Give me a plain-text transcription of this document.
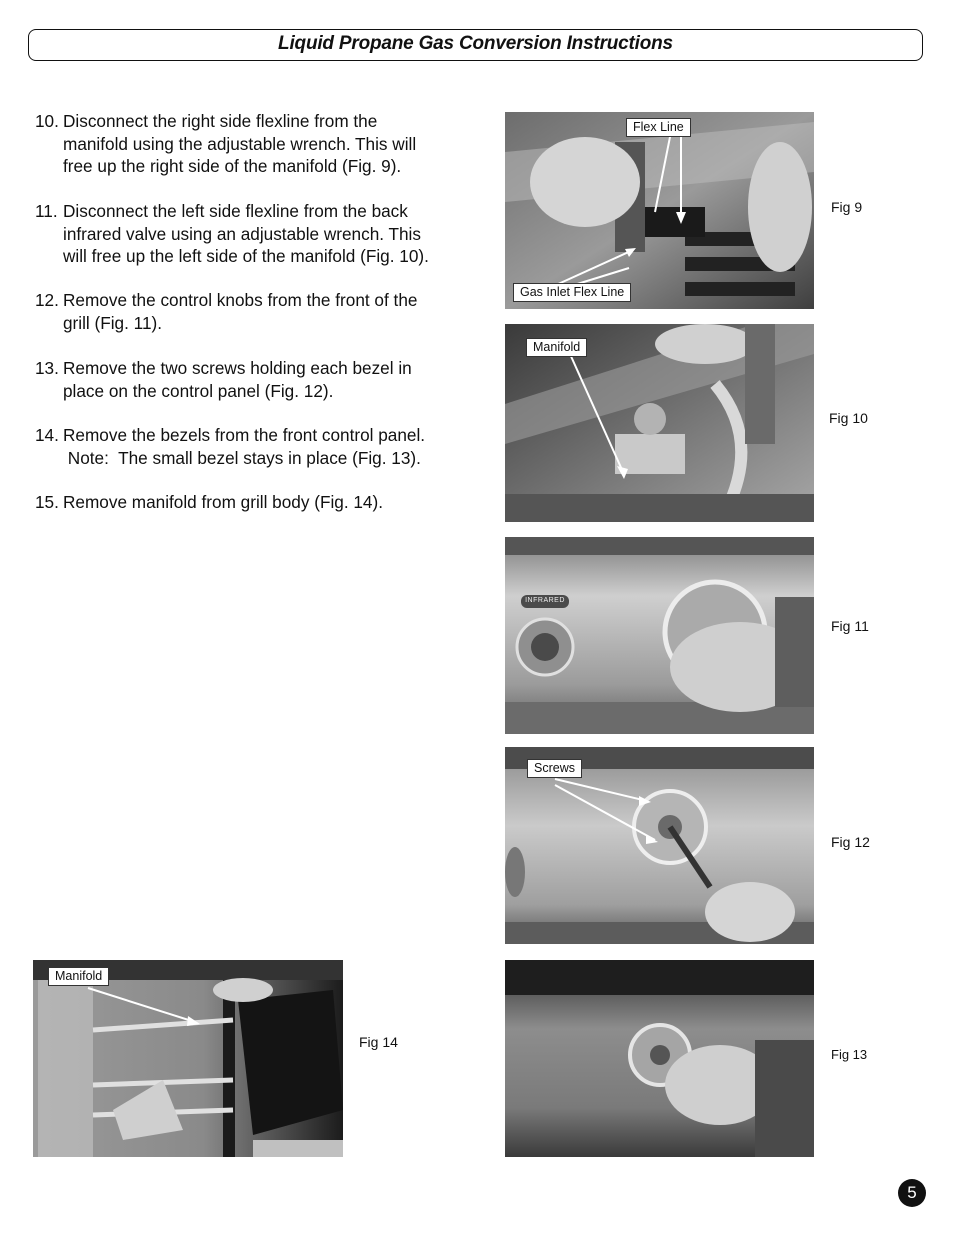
Liquid Propane Gas Conversion Instructions
10. Disconnect the right side flexline from the
manifold using the adjustable wrench. This will
free up the right side of the manifold (Fig. 9).
11. Disconnect the left side flexline from the back
infrared valve using an adjustable wrench. This
will free up the left side of the manifold (Fig. 10).
12. Remove the control knobs from the front of the
grill (Fig. 11).
13. Remove the two screws holding each bezel in
place on the control panel (Fig. 12).
14. Remove the bezels from the front control panel.
Note:  The small bezel stays in place (Fig. 13).
15. Remove manifold from grill body (Fig. 14).
Flex Line
Gas Inlet Flex Line
Fig 9
Manifold
Fig 10
INFRARED
Fig 11
Screws
Fig 12
Fig 13
Manifold
Fig 14
5
